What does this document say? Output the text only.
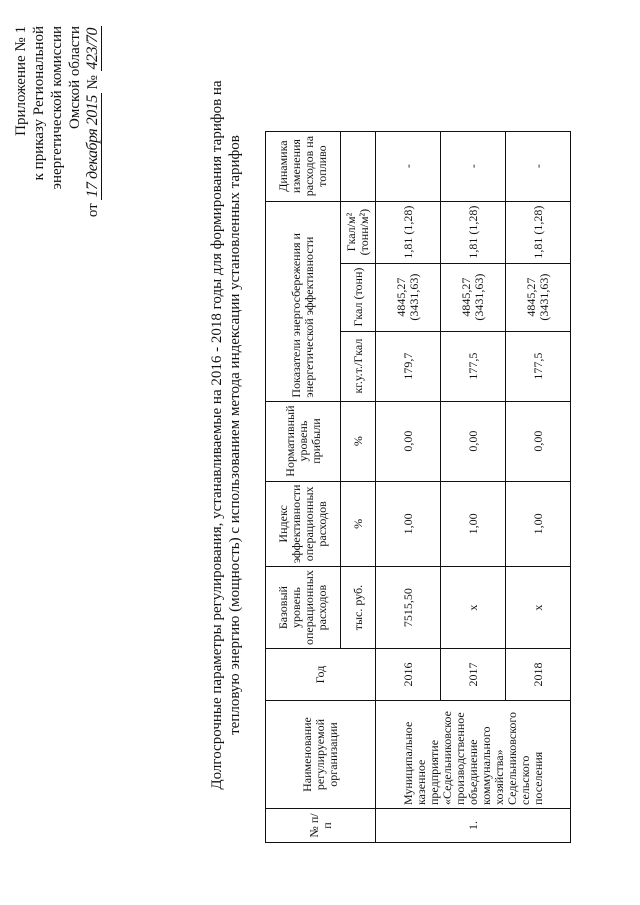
Приложение № 1 к приказу Региональной энергетической комиссии Омской области
от 17 декабря 2015 № 423/70
Долгосрочные параметры регулирования, устанавливаемые на 2016 - 2018 годы для формирования тарифов на тепловую энергию (мощность) с использованием метода индексации установленных тарифов
№ п/п	Наименование регулируемой организации	Год	Базовый уровень операционных расходов	Индекс эффективности операционных расходов	Нормативный уровень прибыли	Показатели энергосбережения и энергетической эффективности			Динамика изменения расходов на топливо
			тыс. руб.	%	%	кг.у.т./Гкал	Гкал (тонн)	Гкал/м² (тонн/м²)	
1.	Муниципальное казенное предприятие «Седельниковское производственное объединение коммунального хозяйства» Седельниковского сельского поселения	2016	7515,50	1,00	0,00	179,7	4845,27 (3431,63)	1,81 (1,28)	-
		2017	x	1,00	0,00	177,5	4845,27 (3431,63)	1,81 (1,28)	-
		2018	x	1,00	0,00	177,5	4845,27 (3431,63)	1,81 (1,28)	-
